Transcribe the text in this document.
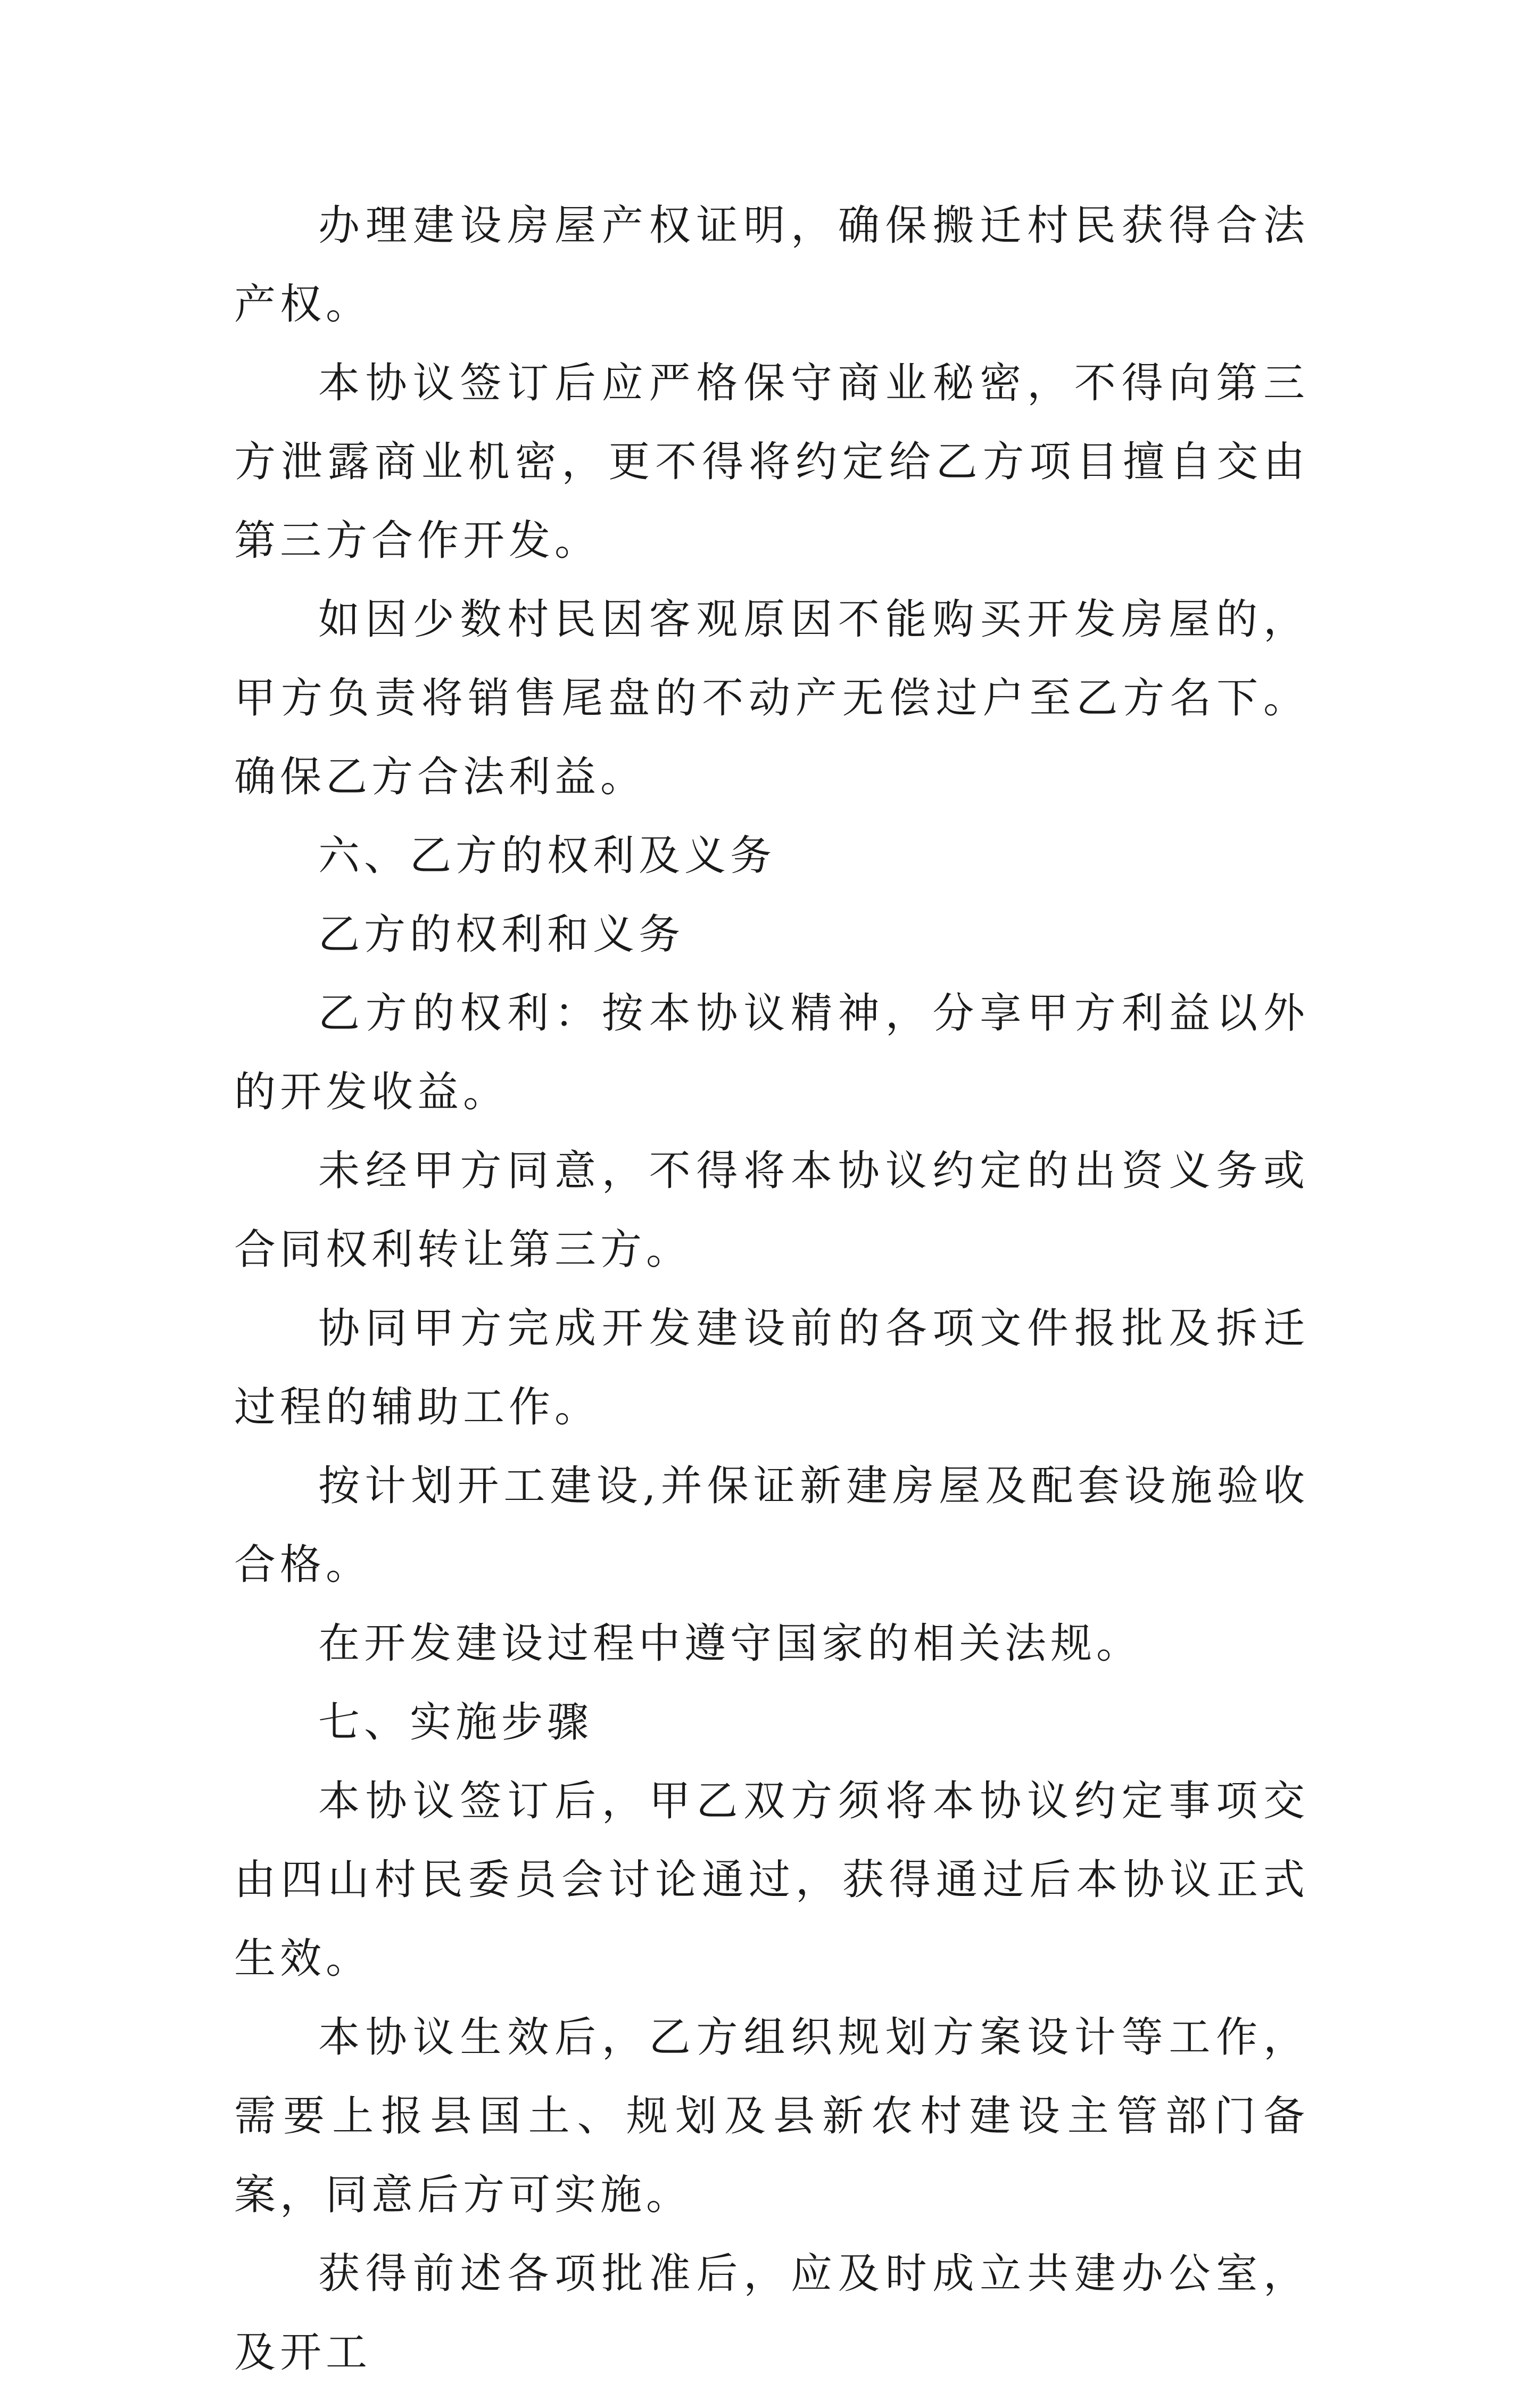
办理建设房屋产权证明，确保搬迁村民获得合法产权。

本协议签订后应严格保守商业秘密，不得向第三方泄露商业机密，更不得将约定给乙方项目擅自交由第三方合作开发。

如因少数村民因客观原因不能购买开发房屋的，甲方负责将销售尾盘的不动产无偿过户至乙方名下。确保乙方合法利益。

六、乙方的权利及义务

乙方的权利和义务

乙方的权利：按本协议精神，分享甲方利益以外的开发收益。

未经甲方同意，不得将本协议约定的出资义务或合同权利转让第三方。

协同甲方完成开发建设前的各项文件报批及拆迁过程的辅助工作。

按计划开工建设,并保证新建房屋及配套设施验收合格。

在开发建设过程中遵守国家的相关法规。

七、实施步骤

本协议签订后，甲乙双方须将本协议约定事项交由四山村民委员会讨论通过，获得通过后本协议正式生效。

本协议生效后，乙方组织规划方案设计等工作，需要上报县国土、规划及县新农村建设主管部门备案，同意后方可实施。

获得前述各项批准后，应及时成立共建办公室，及开工
